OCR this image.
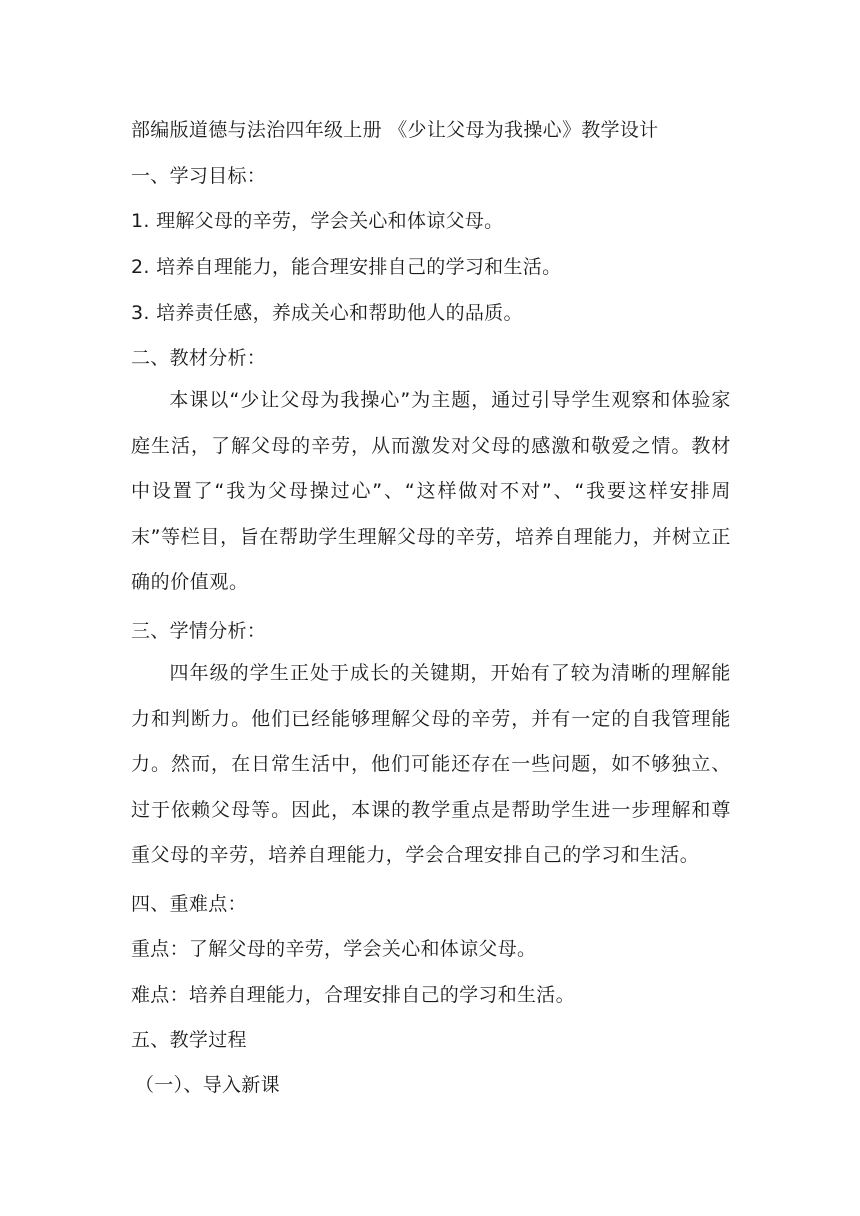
部编版道德与法治四年级上册 《少让父母为我操心》教学设计
一、学习目标：
1. 理解父母的辛劳，学会关心和体谅父母。
2. 培养自理能力，能合理安排自己的学习和生活。
3. 培养责任感，养成关心和帮助他人的品质。
二、教材分析：
本课以“少让父母为我操心”为主题，通过引导学生观察和体验家庭生活，了解父母的辛劳，从而激发对父母的感激和敬爱之情。教材中设置了“我为父母操过心”、“这样做对不对”、“我要这样安排周末”等栏目，旨在帮助学生理解父母的辛劳，培养自理能力，并树立正确的价值观。
三、学情分析：
四年级的学生正处于成长的关键期，开始有了较为清晰的理解能力和判断力。他们已经能够理解父母的辛劳，并有一定的自我管理能力。然而，在日常生活中，他们可能还存在一些问题，如不够独立、过于依赖父母等。因此，本课的教学重点是帮助学生进一步理解和尊重父母的辛劳，培养自理能力，学会合理安排自己的学习和生活。
四、重难点：
重点：了解父母的辛劳，学会关心和体谅父母。
难点：培养自理能力，合理安排自己的学习和生活。
五、教学过程
（一）、导入新课
